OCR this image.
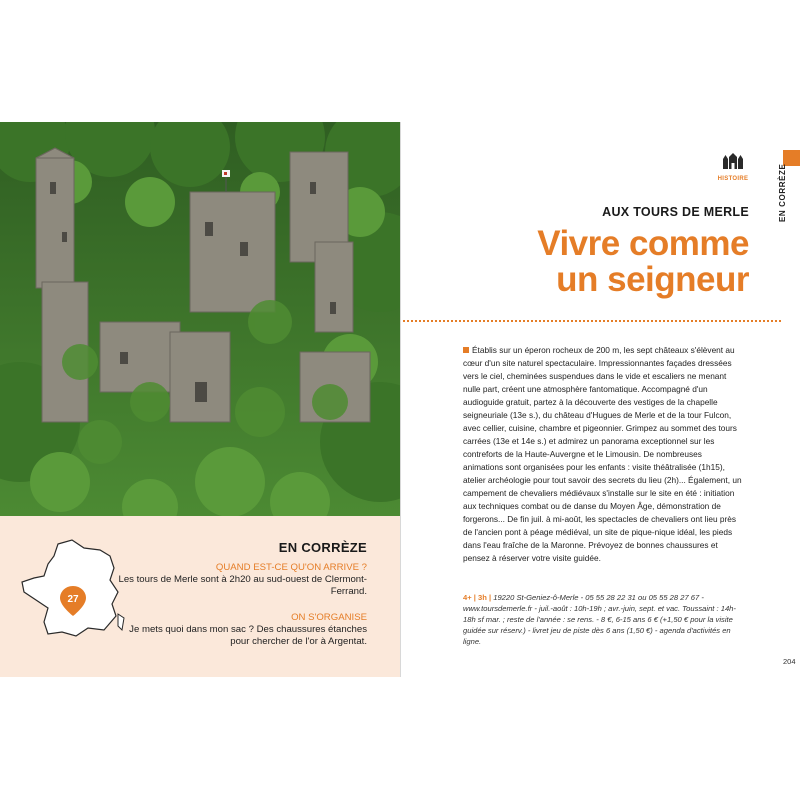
27
EN CORRÈZE
QUAND EST-CE QU'ON ARRIVE ?
Les tours de Merle sont à 2h20 au sud-ouest de Clermont-Ferrand.
ON S'ORGANISE
Je mets quoi dans mon sac ? Des chaussures étanches pour chercher de l'or à Argentat.
HISTOIRE	EN CORRÈZE
AUX TOURS DE MERLE
Vivre comme
un seigneur
Établis sur un éperon rocheux de 200 m, les sept châteaux s'élèvent au cœur d'un site naturel spectaculaire. Impressionnantes façades dressées vers le ciel, cheminées suspendues dans le vide et escaliers ne menant nulle part, créent une atmosphère fantomatique. Accompagné d'un audioguide gratuit, partez à la découverte des vestiges de la chapelle seigneuriale (13e s.), du château d'Hugues de Merle et de la tour Fulcon, avec cellier, cuisine, chambre et pigeonnier. Grimpez au sommet des tours carrées (13e et 14e s.) et admirez un panorama exceptionnel sur les contreforts de la Haute-Auvergne et le Limousin. De nombreuses animations sont organisées pour les enfants : visite théâtralisée (1h15), atelier archéologie pour tout savoir des secrets du lieu (2h)... Également, un campement de chevaliers médiévaux s'installe sur le site en été : initiation aux techniques combat ou de danse du Moyen Âge, démonstration de forgerons... De fin juil. à mi-août, les spectacles de chevaliers ont lieu près de l'ancien pont à péage médiéval, un site de pique-nique idéal, les pieds dans l'eau fraîche de la Maronne. Prévoyez de bonnes chaussures et pensez à réserver votre visite guidée.
4+ | 3h | 19220 St-Geniez-ô-Merle - 05 55 28 22 31 ou 05 55 28 27 67 - www.toursdemerle.fr - juil.-août : 10h-19h ; avr.-juin, sept. et vac. Toussaint : 14h-18h sf mar. ; reste de l'année : se rens. - 8 €, 6-15 ans 6 € (+1,50 € pour la visite guidée sur réserv.) - livret jeu de piste dès 6 ans (1,50 €) - agenda d'activités en ligne.
204
